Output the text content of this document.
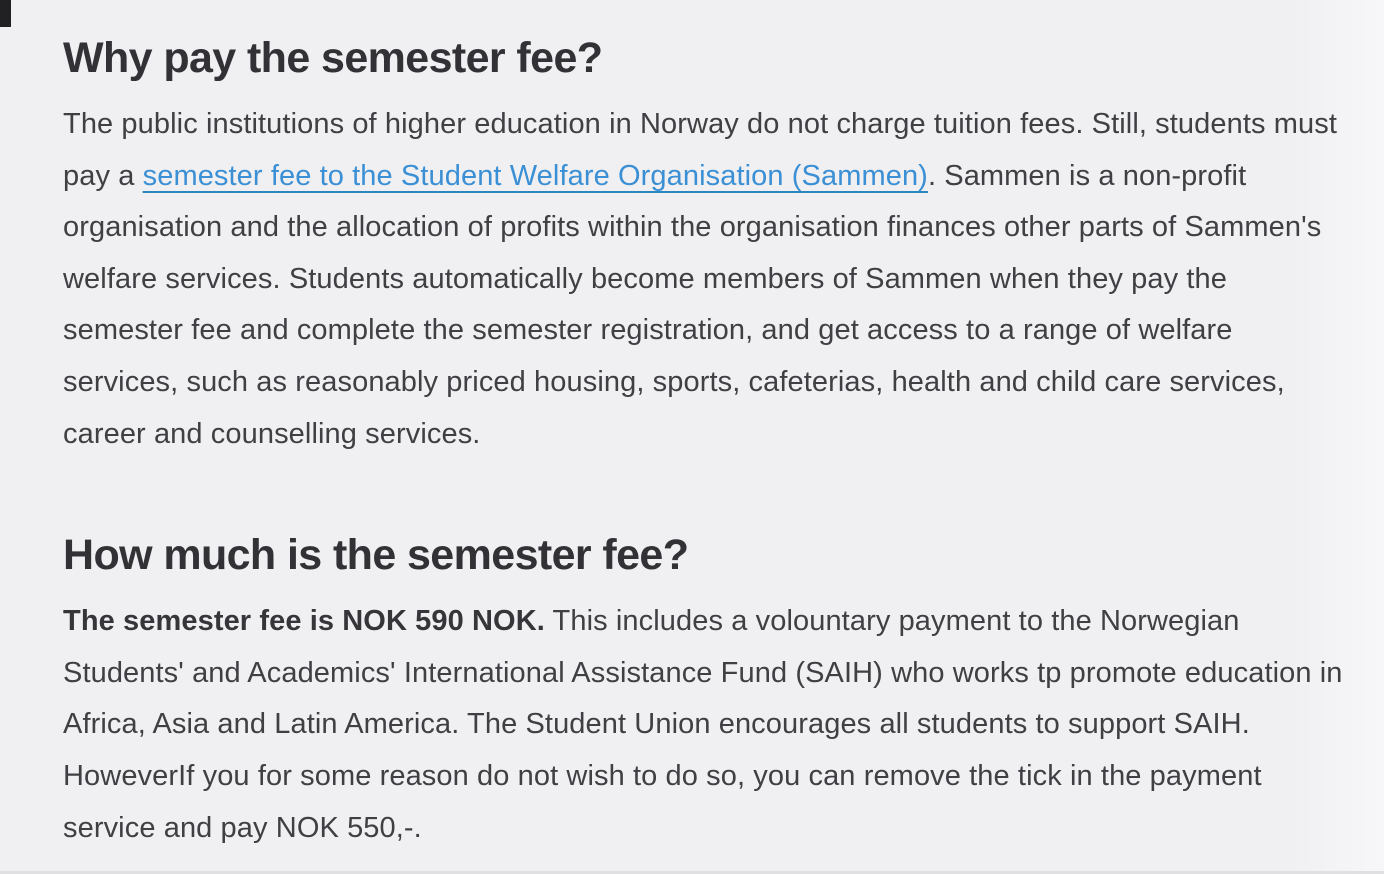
Why pay the semester fee?

The public institutions of higher education in Norway do not charge tuition fees. Still, students must pay a semester fee to the Student Welfare Organisation (Sammen). Sammen is a non-profit organisation and the allocation of profits within the organisation finances other parts of Sammen's welfare services. Students automatically become members of Sammen when they pay the semester fee and complete the semester registration, and get access to a range of welfare services, such as reasonably priced housing, sports, cafeterias, health and child care services, career and counselling services.

How much is the semester fee?

The semester fee is NOK 590 NOK. This includes a volountary payment to the Norwegian Students' and Academics' International Assistance Fund (SAIH) who works tp promote education in Africa, Asia and Latin America. The Student Union encourages all students to support SAIH. HoweverIf you for some reason do not wish to do so, you can remove the tick in the payment service and pay NOK 550,-.
